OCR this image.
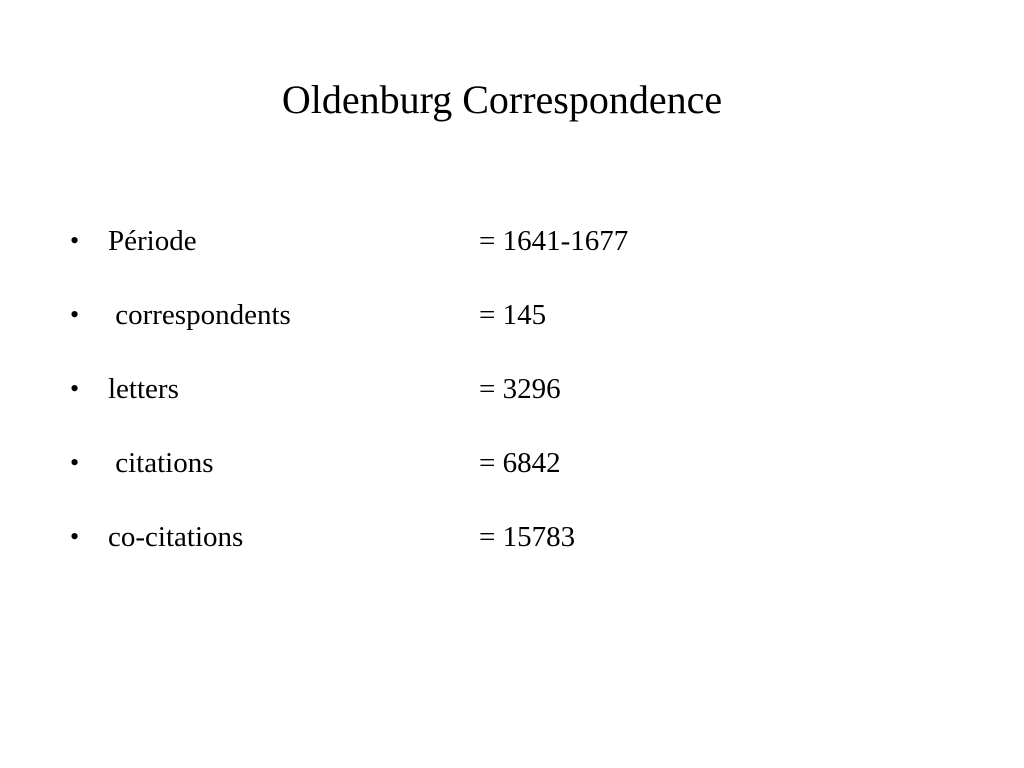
Oldenburg Correspondence
• Période	= 1641-1677
• correspondents	= 145
• letters	= 3296
• citations	= 6842
• co-citations	= 15783
